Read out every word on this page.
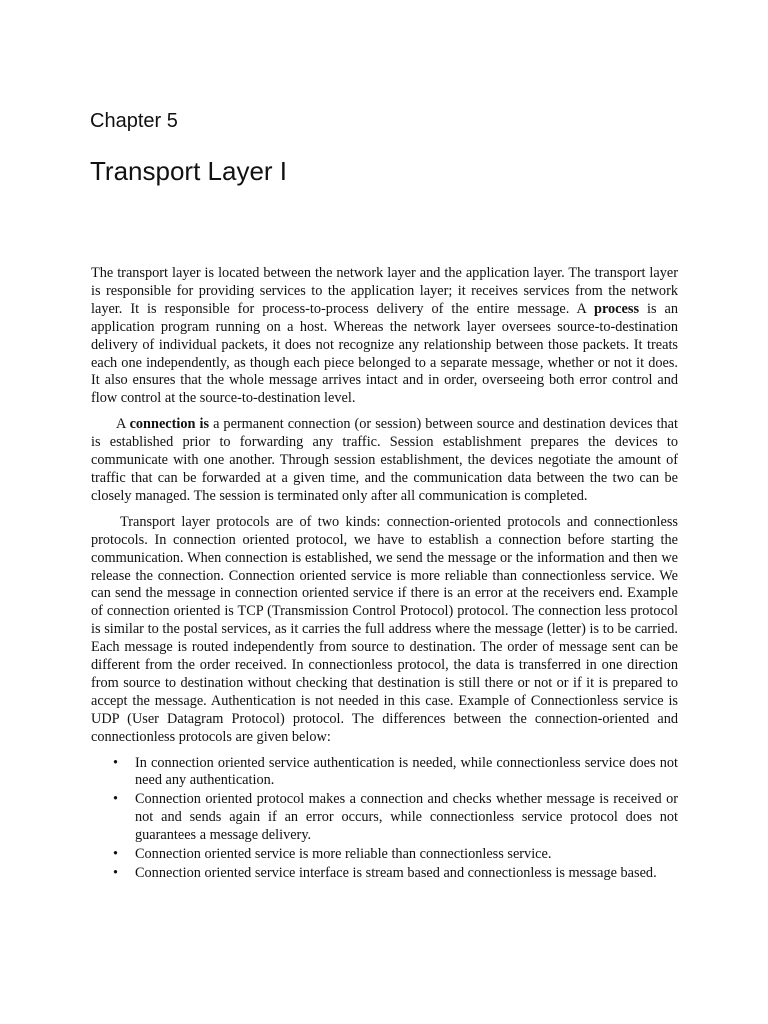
Chapter 5
Transport Layer I

The transport layer is located between the network layer and the application layer. The transport layer is responsible for providing services to the application layer; it receives services from the network layer. It is responsible for process-to-process delivery of the entire message. A process is an application program running on a host. Whereas the network layer oversees source-to-destination delivery of individual packets, it does not recognize any relationship between those packets. It treats each one independently, as though each piece belonged to a separate message, whether or not it does. It also ensures that the whole message arrives intact and in order, overseeing both error control and flow control at the source-to-destination level.

A connection is a permanent connection (or session) between source and destination devices that is established prior to forwarding any traffic. Session establishment prepares the devices to communicate with one another. Through session establishment, the devices negotiate the amount of traffic that can be forwarded at a given time, and the communication data between the two can be closely managed. The session is terminated only after all communication is completed.

Transport layer protocols are of two kinds: connection-oriented protocols and connectionless protocols. In connection oriented protocol, we have to establish a connection before starting the communication. When connection is established, we send the message or the information and then we release the connection. Connection oriented service is more reliable than connectionless service. We can send the message in connection oriented service if there is an error at the receivers end. Example of connection oriented is TCP (Transmission Control Protocol) protocol. The connection less protocol is similar to the postal services, as it carries the full address where the message (letter) is to be carried. Each message is routed independently from source to destination. The order of message sent can be different from the order received. In connectionless protocol, the data is transferred in one direction from source to destination without checking that destination is still there or not or if it is prepared to accept the message. Authentication is not needed in this case. Example of Connectionless service is UDP (User Datagram Protocol) protocol. The differences between the connection-oriented and connectionless protocols are given below:

• In connection oriented service authentication is needed, while connectionless service does not need any authentication.
• Connection oriented protocol makes a connection and checks whether message is received or not and sends again if an error occurs, while connectionless service protocol does not guarantees a message delivery.
• Connection oriented service is more reliable than connectionless service.
• Connection oriented service interface is stream based and connectionless is message based.
